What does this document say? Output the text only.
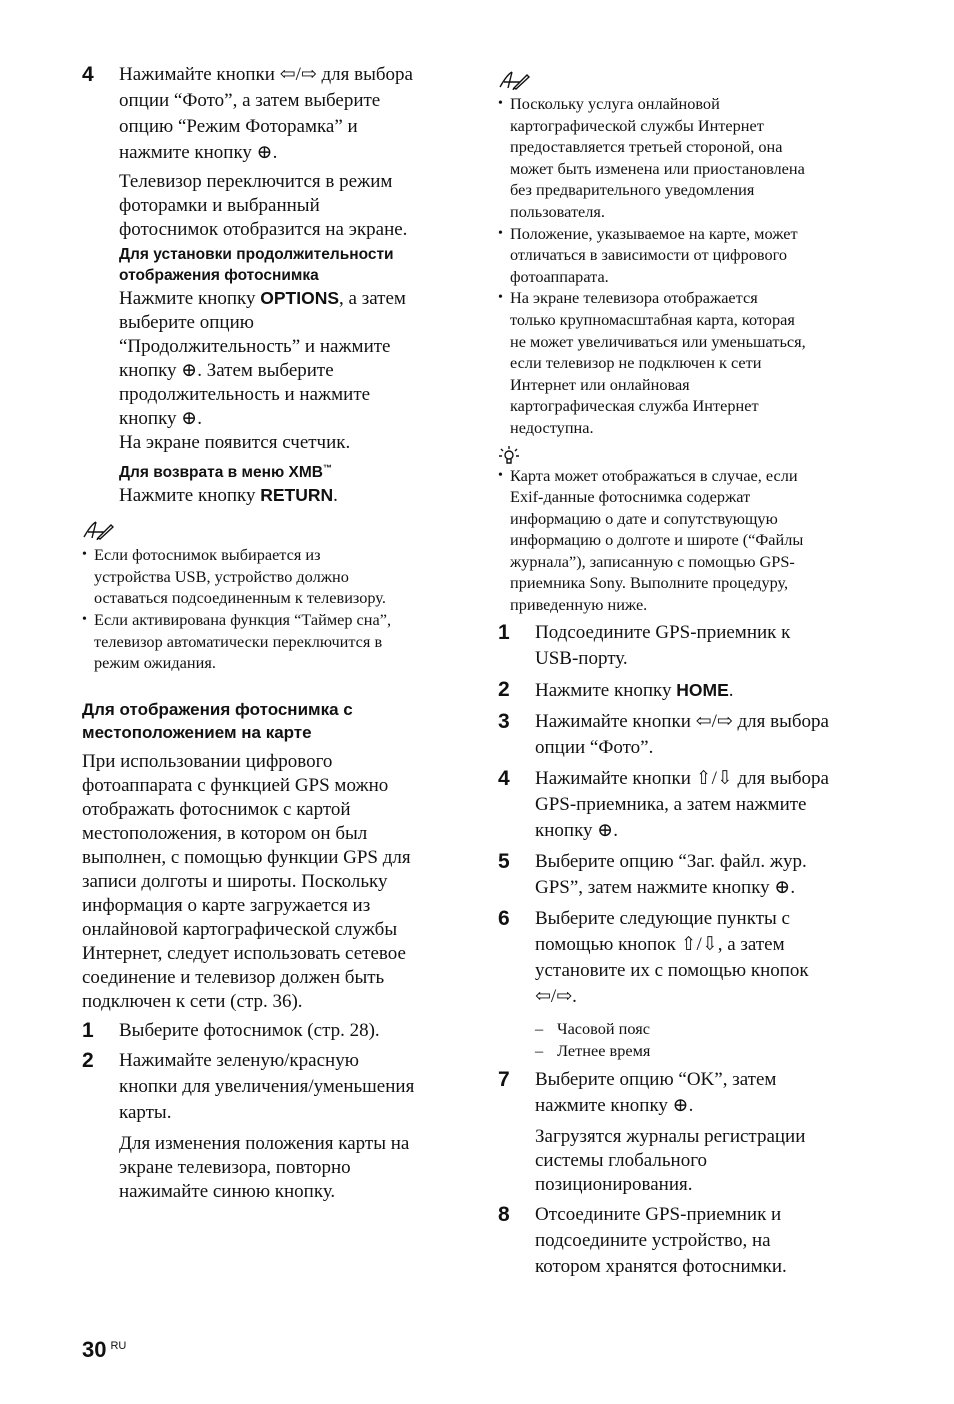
4	Нажимайте кнопки ⇦/⇨ для выбора
опции “Фото”, а затем выберите
опцию “Режим Фоторамка” и
нажмите кнопку ⊕.
Телевизор переключится в режим
фоторамки и выбранный
фотоснимок отобразится на экране.
Для установки продолжительности
отображения фотоснимка
Нажмите кнопку OPTIONS, а затем
выберите опцию
“Продолжительность” и нажмите
кнопку ⊕. Затем выберите
продолжительность и нажмите
кнопку ⊕.
На экране появится счетчик.
Для возврата в меню XMB™
Нажмите кнопку RETURN.
• Если фотоснимок выбирается из
устройства USB, устройство должно
оставаться подсоединенным к телевизору.
• Если активирована функция “Таймер сна”,
телевизор автоматически переключится в
режим ожидания.
Для отображения фотоснимка с
местоположением на карте
При использовании цифрового
фотоаппарата с функцией GPS можно
отображать фотоснимок с картой
местоположения, в котором он был
выполнен, с помощью функции GPS для
записи долготы и широты. Поскольку
информация о карте загружается из
онлайновой картографической службы
Интернет, следует использовать сетевое
соединение и телевизор должен быть
подключен к сети (стр. 36).
1	Выберите фотоснимок (стр. 28).
2	Нажимайте зеленую/красную
кнопки для увеличения/уменьшения
карты.
Для изменения положения карты на
экране телевизора, повторно
нажимайте синюю кнопку.
• Поскольку услуга онлайновой
картографической службы Интернет
предоставляется третьей стороной, она
может быть изменена или приостановлена
без предварительного уведомления
пользователя.
• Положение, указываемое на карте, может
отличаться в зависимости от цифрового
фотоаппарата.
• На экране телевизора отображается
только крупномасштабная карта, которая
не может увеличиваться или уменьшаться,
если телевизор не подключен к сети
Интернет или онлайновая
картографическая служба Интернет
недоступна.
• Карта может отображаться в случае, если
Exif-данные фотоснимка содержат
информацию о дате и сопутствующую
информацию о долготе и широте (“Файлы
журнала”), записанную с помощью GPS-
приемника Sony. Выполните процедуру,
приведенную ниже.
1	Подсоедините GPS-приемник к
USB-порту.
2	Нажмите кнопку HOME.
3	Нажимайте кнопки ⇦/⇨ для выбора
опции “Фото”.
4	Нажимайте кнопки ⇧/⇩ для выбора
GPS-приемника, а затем нажмите
кнопку ⊕.
5	Выберите опцию “Заг. файл. жур.
GPS”, затем нажмите кнопку ⊕.
6	Выберите следующие пункты с
помощью кнопок ⇧/⇩, а затем
установите их с помощью кнопок
⇦/⇨.
– Часовой пояс
– Летнее время
7	Выберите опцию “OK”, затем
нажмите кнопку ⊕.
Загрузятся журналы регистрации
системы глобального
позиционирования.
8	Отсоедините GPS-приемник и
подсоедините устройство, на
котором хранятся фотоснимки.
30 RU
